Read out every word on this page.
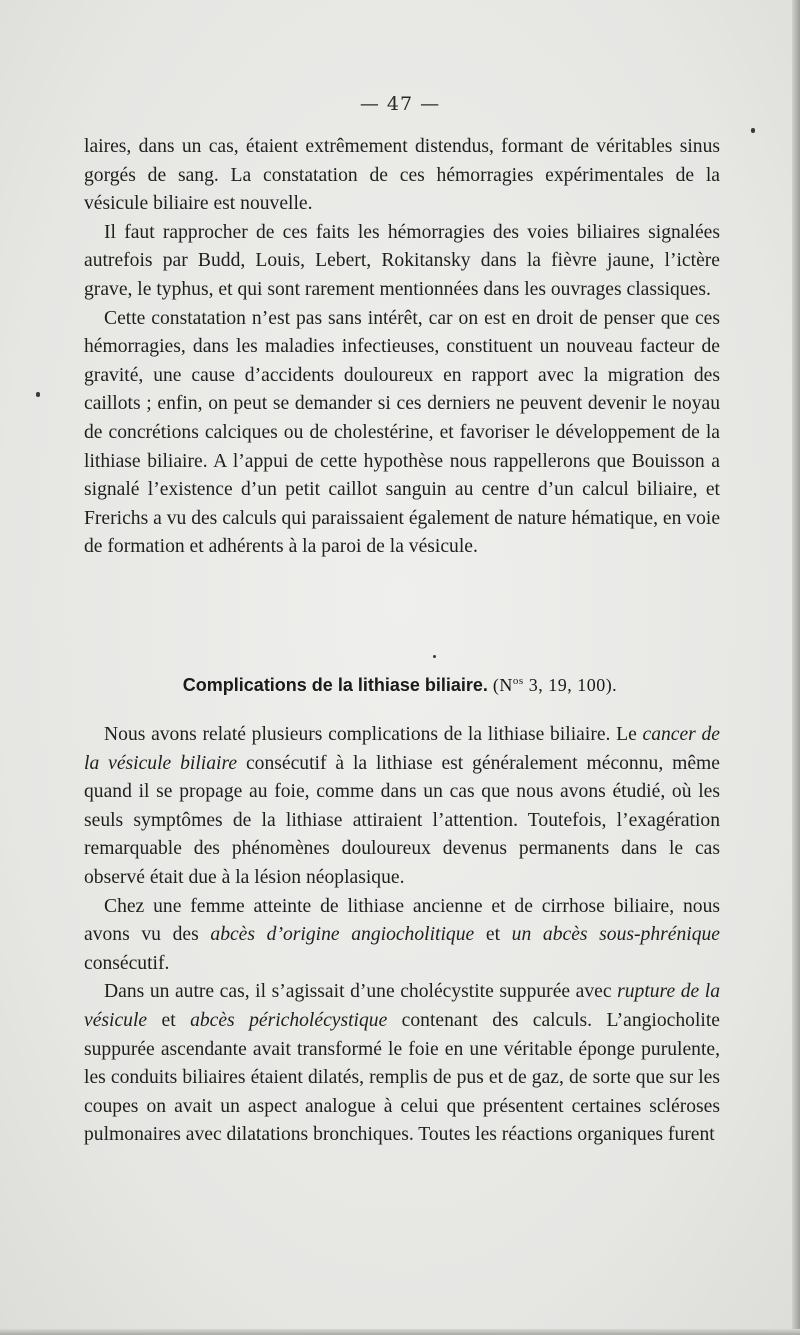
— 47 —

laires, dans un cas, étaient extrêmement distendus, formant de véritables sinus gorgés de sang. La constatation de ces hémorragies expérimentales de la vésicule biliaire est nouvelle.

Il faut rapprocher de ces faits les hémorragies des voies biliaires signalées autrefois par Budd, Louis, Lebert, Rokitansky dans la fièvre jaune, l’ictère grave, le typhus, et qui sont rarement mentionnées dans les ouvrages classiques.

Cette constatation n’est pas sans intérêt, car on est en droit de penser que ces hémorragies, dans les maladies infectieuses, constituent un nouveau facteur de gravité, une cause d’accidents douloureux en rapport avec la migration des caillots ; enfin, on peut se demander si ces derniers ne peuvent devenir le noyau de concrétions calciques ou de cholestérine, et favoriser le développement de la lithiase biliaire. A l’appui de cette hypothèse nous rappellerons que Bouisson a signalé l’existence d’un petit caillot sanguin au centre d’un calcul biliaire, et Frerichs a vu des calculs qui paraissaient également de nature hématique, en voie de formation et adhérents à la paroi de la vésicule.

Complications de la lithiase biliaire. ($N^{os}$ 3, 19, 100).

Nous avons relaté plusieurs complications de la lithiase biliaire. Le cancer de la vésicule biliaire consécutif à la lithiase est généralement méconnu, même quand il se propage au foie, comme dans un cas que nous avons étudié, où les seuls symptômes de la lithiase attiraient l’attention. Toutefois, l’exagération remarquable des phénomènes douloureux devenus permanents dans le cas observé était due à la lésion néoplasique.

Chez une femme atteinte de lithiase ancienne et de cirrhose biliaire, nous avons vu des abcès d’origine angiocholitique et un abcès sous-phrénique consécutif.

Dans un autre cas, il s’agissait d’une cholécystite suppurée avec rupture de la vésicule et abcès péricholécystique contenant des calculs. L’angiocholite suppurée ascendante avait transformé le foie en une véritable éponge purulente, les conduits biliaires étaient dilatés, remplis de pus et de gaz, de sorte que sur les coupes on avait un aspect analogue à celui que présentent certaines scléroses pulmonaires avec dilatations bronchiques. Toutes les réactions organiques furent
